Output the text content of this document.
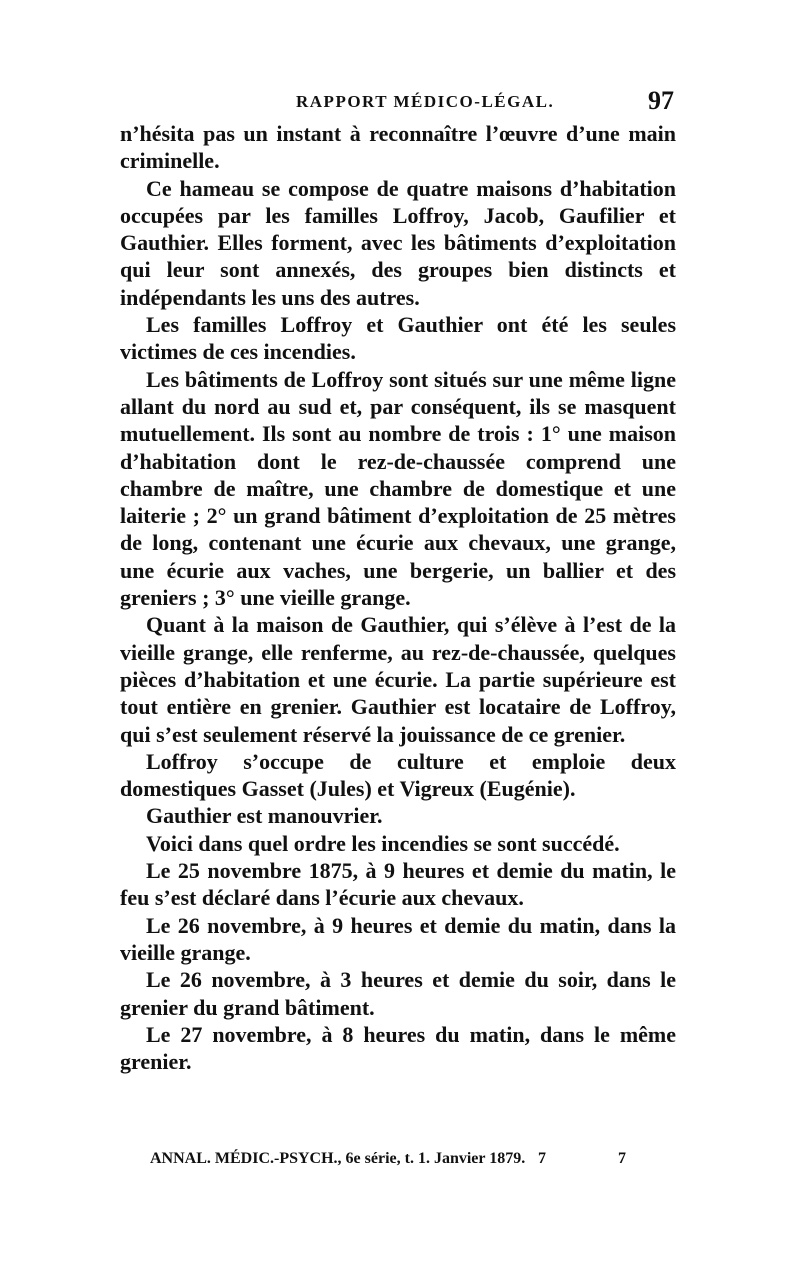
RAPPORT MÉDICO-LÉGAL.	97

n’hésita pas un instant à reconnaître l’œuvre d’une main criminelle.

Ce hameau se compose de quatre maisons d’habitation occupées par les familles Loffroy, Jacob, Gaufilier et Gauthier. Elles forment, avec les bâtiments d’exploitation qui leur sont annexés, des groupes bien distincts et indépendants les uns des autres.

Les familles Loffroy et Gauthier ont été les seules victimes de ces incendies.

Les bâtiments de Loffroy sont situés sur une même ligne allant du nord au sud et, par conséquent, ils se masquent mutuellement. Ils sont au nombre de trois : 1° une maison d’habitation dont le rez-de-chaussée comprend une chambre de maître, une chambre de domestique et une laiterie ; 2° un grand bâtiment d’exploitation de 25 mètres de long, contenant une écurie aux chevaux, une grange, une écurie aux vaches, une bergerie, un ballier et des greniers ; 3° une vieille grange.

Quant à la maison de Gauthier, qui s’élève à l’est de la vieille grange, elle renferme, au rez-de-chaussée, quelques pièces d’habitation et une écurie. La partie supérieure est tout entière en grenier. Gauthier est locataire de Loffroy, qui s’est seulement réservé la jouissance de ce grenier.

Loffroy s’occupe de culture et emploie deux domestiques Gasset (Jules) et Vigreux (Eugénie).

Gauthier est manouvrier.

Voici dans quel ordre les incendies se sont succédé.

Le 25 novembre 1875, à 9 heures et demie du matin, le feu s’est déclaré dans l’écurie aux chevaux.

Le 26 novembre, à 9 heures et demie du matin, dans la vieille grange.

Le 26 novembre, à 3 heures et demie du soir, dans le grenier du grand bâtiment.

Le 27 novembre, à 8 heures du matin, dans le même grenier.

ANNAL. MÉDIC.-PSYCH., 6e série, t. 1. Janvier 1879. 7	7
